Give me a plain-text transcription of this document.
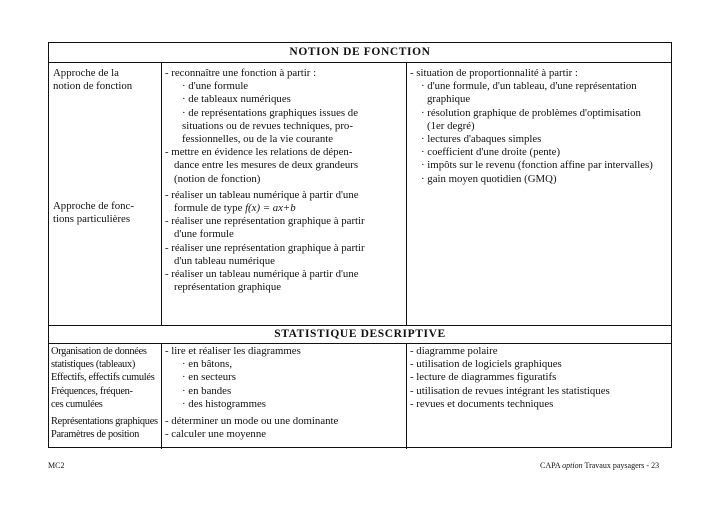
NOTION DE FONCTION
Approche de la
notion de fonction
Approche de fonc-
tions particulières
- reconnaître une fonction à partir :
· d'une formule
· de tableaux numériques
· de représentations graphiques issues de
situations ou de revues techniques, pro-
fessionnelles, ou de la vie courante
- mettre en évidence les relations de dépen-
dance entre les mesures de deux grandeurs
(notion de fonction)
- réaliser un tableau numérique à partir d'une
formule de type f(x) = ax+b
- réaliser une représentation graphique à partir
d'une formule
- réaliser une représentation graphique à partir
d'un tableau numérique
- réaliser un tableau numérique à partir d'une
représentation graphique
- situation de proportionnalité à partir :
· d'une formule, d'un tableau, d'une représentation
graphique
· résolution graphique de problèmes d'optimisation
(1er degré)
· lectures d'abaques simples
· coefficient d'une droite (pente)
· impôts sur le revenu (fonction affine par intervalles)
· gain moyen quotidien (GMQ)
STATISTIQUE DESCRIPTIVE
Organisation de données
statistiques (tableaux)
Effectifs, effectifs cumulés
Fréquences, fréquen-
ces cumulées
Représentations graphiques
Paramètres de position
- lire et réaliser les diagrammes
· en bâtons,
· en secteurs
· en bandes
· des histogrammes
- déterminer un mode ou une dominante
- calculer une moyenne
- diagramme polaire
- utilisation de logiciels graphiques
- lecture de diagrammes figuratifs
- utilisation de revues intégrant les statistiques
- revues et documents techniques
MC2	CAPA option Travaux paysagers - 23
